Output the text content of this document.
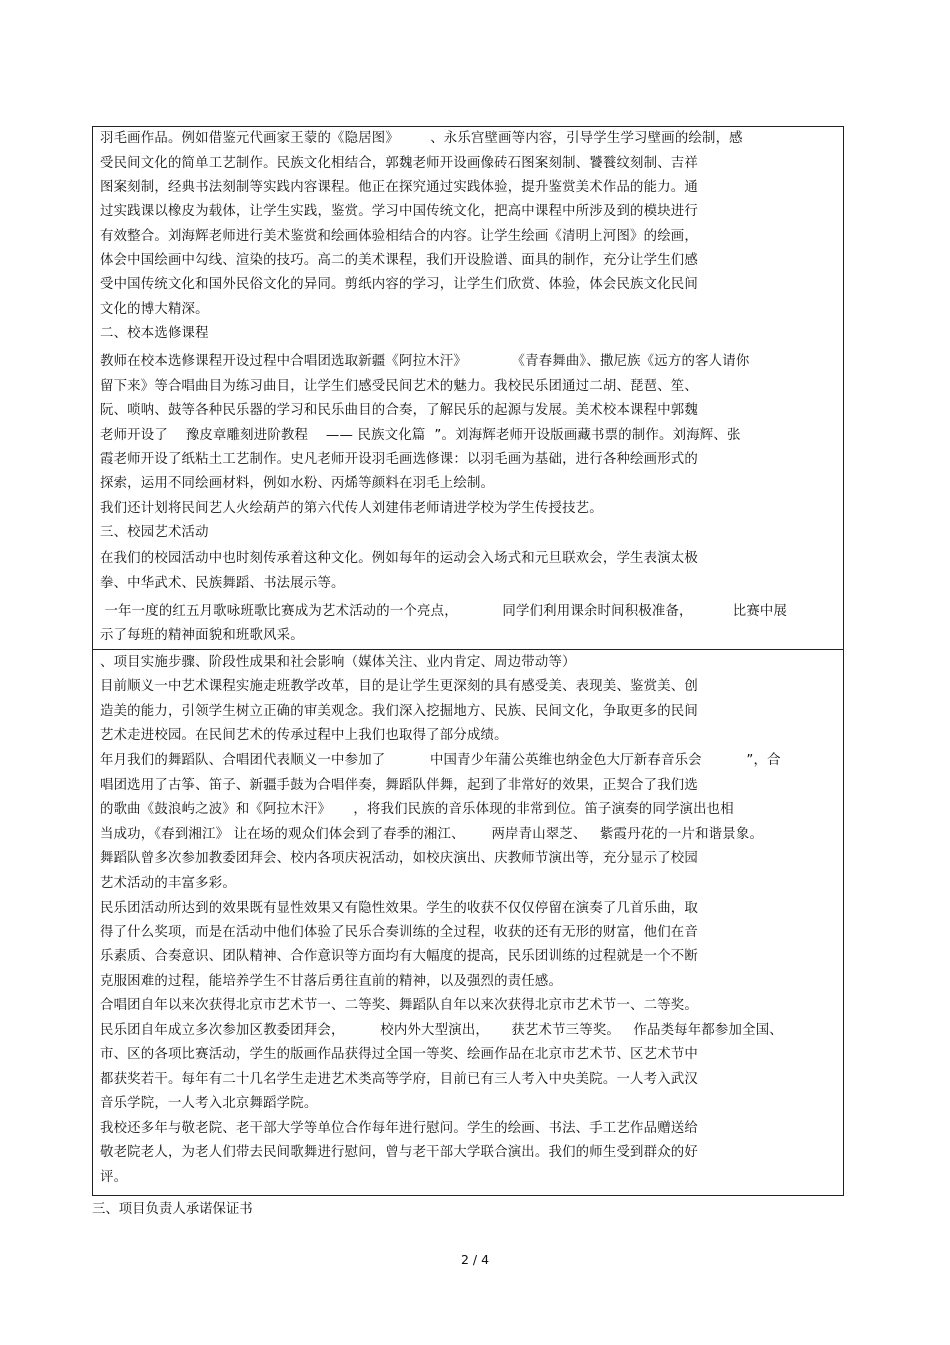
羽毛画作品。例如借鉴元代画家王蒙的《隐居图》       、永乐宫壁画等内容，引导学生学习壁画的绘制，感
受民间文化的简单工艺制作。民族文化相结合，郭魏老师开设画像砖石图案刻制、饕餮纹刻制、吉祥
图案刻制，经典书法刻制等实践内容课程。他正在探究通过实践体验，提升鉴赏美术作品的能力。通
过实践课以橡皮为载体，让学生实践，鉴赏。学习中国传统文化，把高中课程中所涉及到的模块进行
有效整合。刘海辉老师进行美术鉴赏和绘画体验相结合的内容。让学生绘画《清明上河图》的绘画，
体会中国绘画中勾线、渲染的技巧。高二的美术课程，我们开设脸谱、面具的制作，充分让学生们感
受中国传统文化和国外民俗文化的异同。剪纸内容的学习，让学生们欣赏、体验，体会民族文化民间
文化的博大精深。
二、校本选修课程
教师在校本选修课程开设过程中合唱团选取新疆《阿拉木汗》          《青春舞曲》、撒尼族《远方的客人请你
留下来》等合唱曲目为练习曲目，让学生们感受民间艺术的魅力。我校民乐团通过二胡、琵琶、笙、
阮、唢呐、鼓等各种民乐器的学习和民乐曲目的合奏，了解民乐的起源与发展。美术校本课程中郭魏
老师开设了    豫皮章雕刻进阶教程    —— 民族文化篇  ”。刘海辉老师开设版画藏书票的制作。刘海辉、张
霞老师开设了纸粘土工艺制作。史凡老师开设羽毛画选修课：以羽毛画为基础，进行各种绘画形式的
探索，运用不同绘画材料，例如水粉、丙烯等颜料在羽毛上绘制。
我们还计划将民间艺人火绘葫芦的第六代传人刘建伟老师请进学校为学生传授技艺。
三、校园艺术活动
在我们的校园活动中也时刻传承着这种文化。例如每年的运动会入场式和元旦联欢会，学生表演太极
拳、中华武术、民族舞蹈、书法展示等。
一年一度的红五月歌咏班歌比赛成为艺术活动的一个亮点，          同学们利用课余时间积极准备，         比赛中展
示了每班的精神面貌和班歌风采。
、项目实施步骤、阶段性成果和社会影响（媒体关注、业内肯定、周边带动等）
目前顺义一中艺术课程实施走班教学改革，目的是让学生更深刻的具有感受美、表现美、鉴赏美、创
造美的能力，引领学生树立正确的审美观念。我们深入挖掘地方、民族、民间文化，争取更多的民间
艺术走进校园。在民间艺术的传承过程中上我们也取得了部分成绩。
年月我们的舞蹈队、合唱团代表顺义一中参加了          中国青少年蒲公英维也纳金色大厅新春音乐会          ”，合
唱团选用了古筝、笛子、新疆手鼓为合唱伴奏，舞蹈队伴舞，起到了非常好的效果，正契合了我们选
的歌曲《鼓浪屿之波》和《阿拉木汗》     ，将我们民族的音乐体现的非常到位。笛子演奏的同学演出也相
当成功，《春到湘江》 让在场的观众们体会到了春季的湘江、      两岸青山翠芝、   紫霞丹花的一片和谐景象。
舞蹈队曾多次参加教委团拜会、校内各项庆祝活动，如校庆演出、庆教师节演出等，充分显示了校园
艺术活动的丰富多彩。
民乐团活动所达到的效果既有显性效果又有隐性效果。学生的收获不仅仅停留在演奏了几首乐曲，取
得了什么奖项，而是在活动中他们体验了民乐合奏训练的全过程，收获的还有无形的财富，他们在音
乐素质、合奏意识、团队精神、合作意识等方面均有大幅度的提高，民乐团训练的过程就是一个不断
克服困难的过程，能培养学生不甘落后勇往直前的精神，以及强烈的责任感。
合唱团自年以来次获得北京市艺术节一、二等奖、舞蹈队自年以来次获得北京市艺术节一、二等奖。
民乐团自年成立多次参加区教委团拜会，        校内外大型演出，     获艺术节三等奖。   作品类每年都参加全国、
市、区的各项比赛活动，学生的版画作品获得过全国一等奖、绘画作品在北京市艺术节、区艺术节中
都获奖若干。每年有二十几名学生走进艺术类高等学府，目前已有三人考入中央美院。一人考入武汉
音乐学院，一人考入北京舞蹈学院。
我校还多年与敬老院、老干部大学等单位合作每年进行慰问。学生的绘画、书法、手工艺作品赠送给
敬老院老人，为老人们带去民间歌舞进行慰问，曾与老干部大学联合演出。我们的师生受到群众的好
评。
三、项目负责人承诺保证书
2 / 4
